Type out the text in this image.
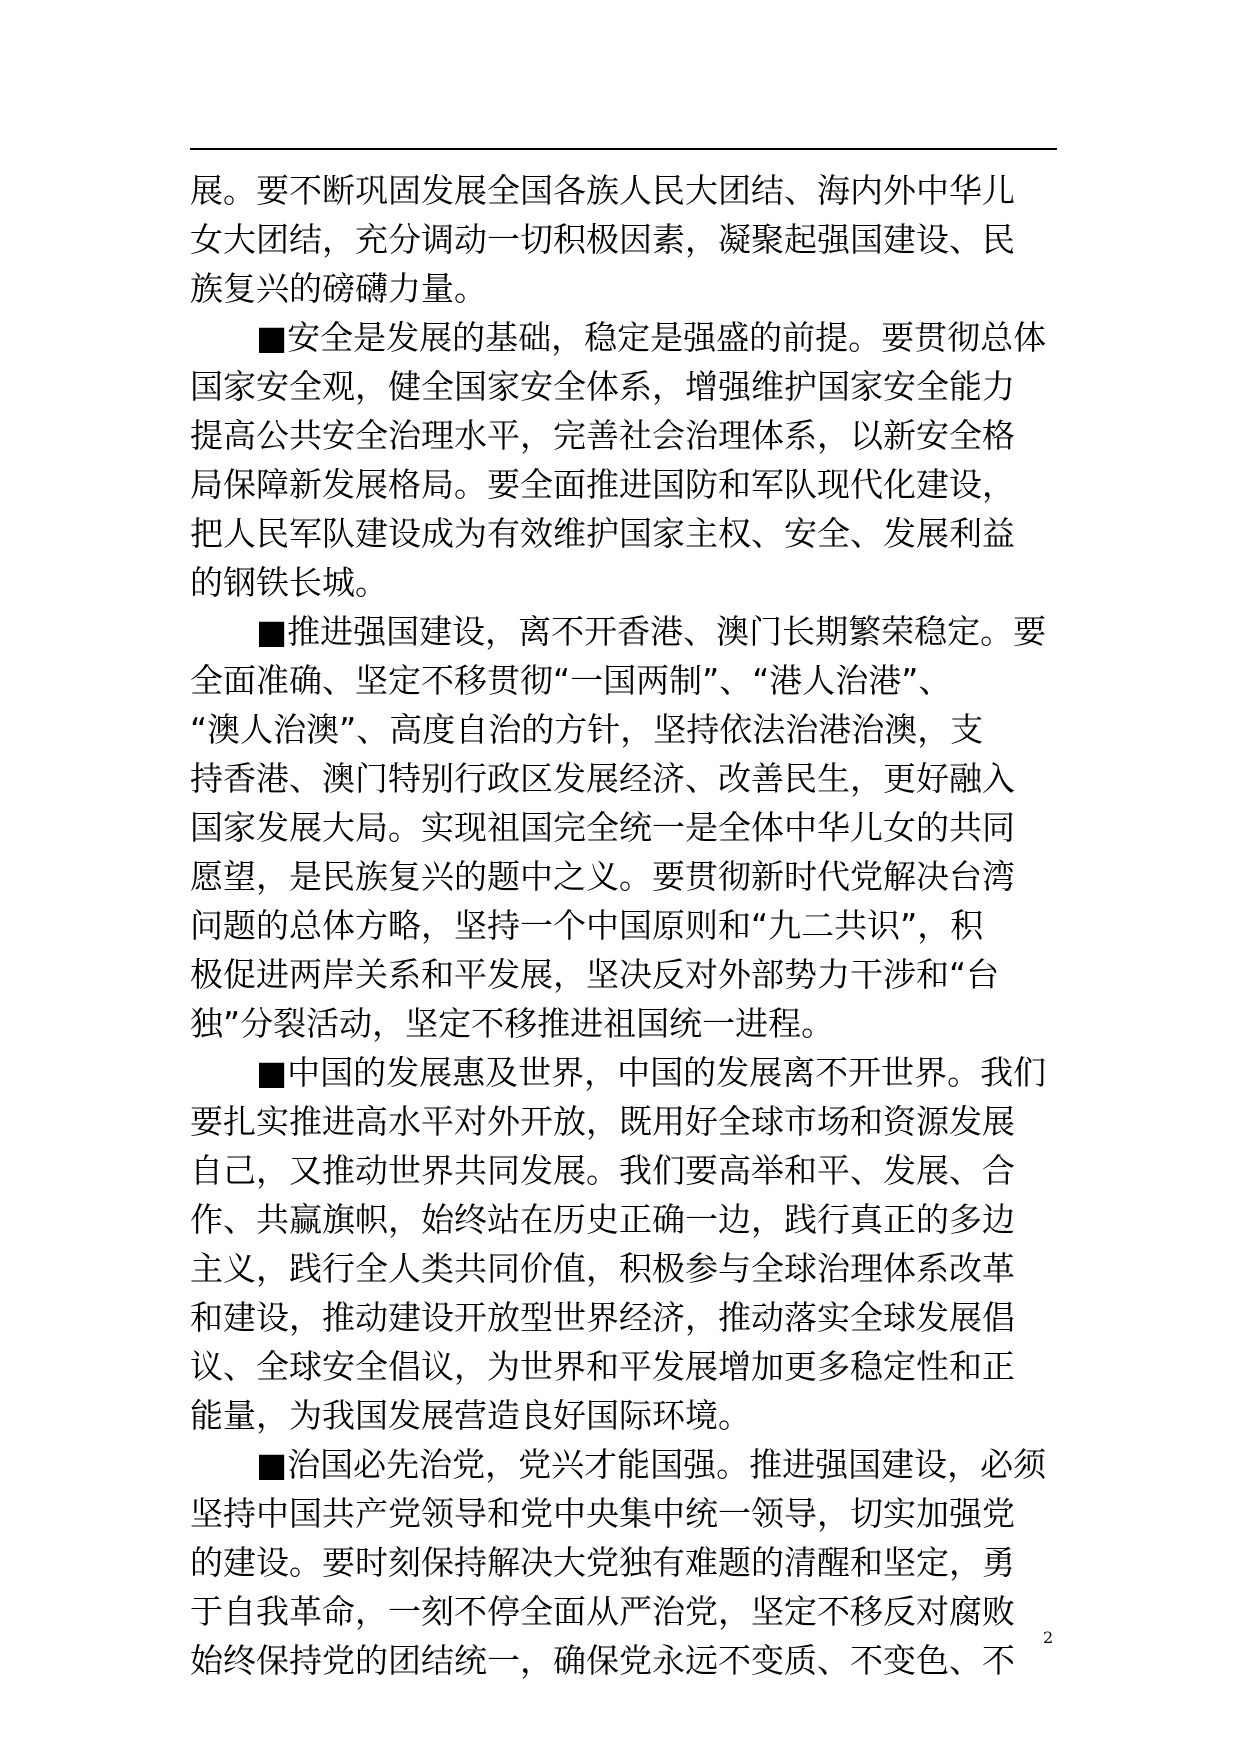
展。要不断巩固发展全国各族人民大团结、海内外中华儿
女大团结，充分调动一切积极因素，凝聚起强国建设、民
族复兴的磅礴力量。
■安全是发展的基础，稳定是强盛的前提。要贯彻总体
国家安全观，健全国家安全体系，增强维护国家安全能力
提高公共安全治理水平，完善社会治理体系，以新安全格
局保障新发展格局。要全面推进国防和军队现代化建设，
把人民军队建设成为有效维护国家主权、安全、发展利益
的钢铁长城。
■推进强国建设，离不开香港、澳门长期繁荣稳定。要
全面准确、坚定不移贯彻“一国两制”、“港人治港”、
“澳人治澳”、高度自治的方针，坚持依法治港治澳，支
持香港、澳门特别行政区发展经济、改善民生，更好融入
国家发展大局。实现祖国完全统一是全体中华儿女的共同
愿望，是民族复兴的题中之义。要贯彻新时代党解决台湾
问题的总体方略，坚持一个中国原则和“九二共识”，积
极促进两岸关系和平发展，坚决反对外部势力干涉和“台
独”分裂活动，坚定不移推进祖国统一进程。
■中国的发展惠及世界，中国的发展离不开世界。我们
要扎实推进高水平对外开放，既用好全球市场和资源发展
自己，又推动世界共同发展。我们要高举和平、发展、合
作、共赢旗帜，始终站在历史正确一边，践行真正的多边
主义，践行全人类共同价值，积极参与全球治理体系改革
和建设，推动建设开放型世界经济，推动落实全球发展倡
议、全球安全倡议，为世界和平发展增加更多稳定性和正
能量，为我国发展营造良好国际环境。
■治国必先治党，党兴才能国强。推进强国建设，必须
坚持中国共产党领导和党中央集中统一领导，切实加强党
的建设。要时刻保持解决大党独有难题的清醒和坚定，勇
于自我革命，一刻不停全面从严治党，坚定不移反对腐败
始终保持党的团结统一，确保党永远不变质、不变色、不
2
